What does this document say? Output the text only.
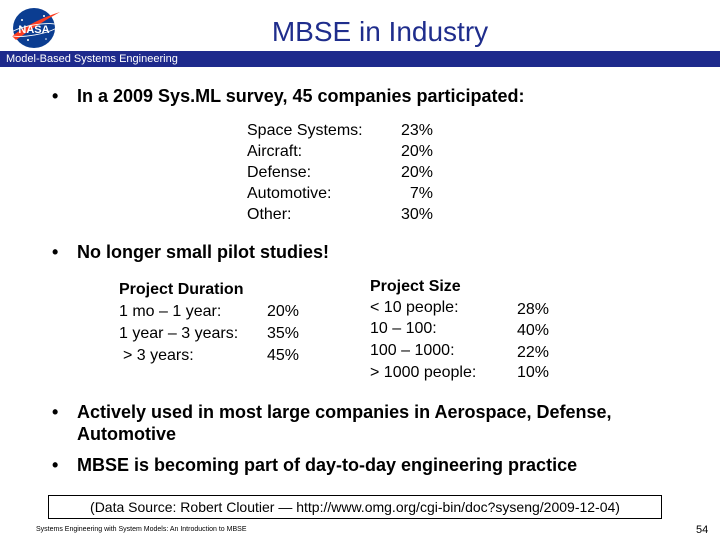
NASA	MBSE in Industry
Model-Based Systems Engineering
• In a 2009 Sys.ML survey, 45 companies participated:
Space Systems:	23%
Aircraft:	20%
Defense:	20%
Automotive:	7%
Other:	30%
• No longer small pilot studies!
Project Duration
1 mo – 1 year:	20%
1 year – 3 years: 35%
> 3 years:	45%
Project Size
< 10 people:	28%
10 – 100:	40%
100 – 1000:	22%
> 1000 people:	10%
• Actively used in most large companies in Aerospace, Defense,
Automotive
• MBSE is becoming part of day-to-day engineering practice
(Data Source: Robert Cloutier — http://www.omg.org/cgi-bin/doc?syseng/2009-12-04)
Systems Engineering with System Models: An Introduction to MBSE	54
